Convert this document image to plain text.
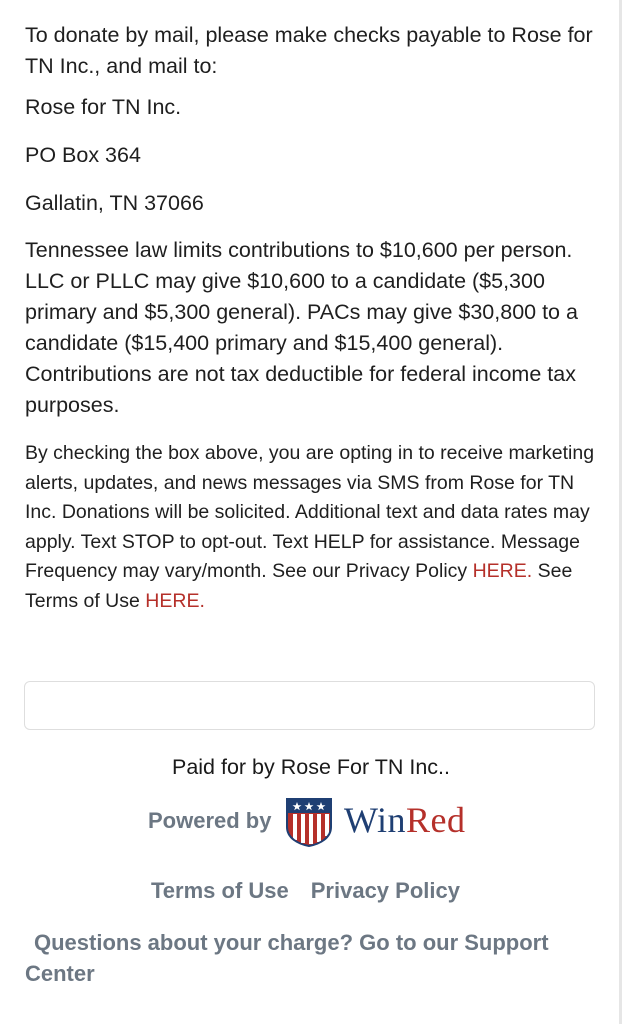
To donate by mail, please make checks payable to Rose for TN Inc., and mail to:

Rose for TN Inc.

PO Box 364

Gallatin, TN 37066

Tennessee law limits contributions to $10,600 per person. LLC or PLLC may give $10,600 to a candidate ($5,300 primary and $5,300 general). PACs may give $30,800 to a candidate ($15,400 primary and $15,400 general). Contributions are not tax deductible for federal income tax purposes.

By checking the box above, you are opting in to receive marketing alerts, updates, and news messages via SMS from Rose for TN Inc. Donations will be solicited. Additional text and data rates may apply. Text STOP to opt-out. Text HELP for assistance. Message Frequency may vary/month. See our Privacy Policy HERE. See Terms of Use HERE.

Paid for by Rose For TN Inc..
Powered by WinRed
Terms of Use Privacy Policy
Questions about your charge? Go to our Support Center
